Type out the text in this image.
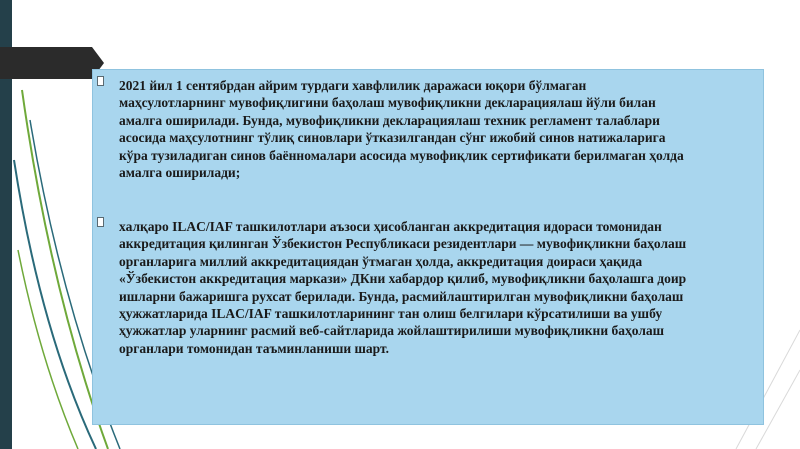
2021 йил 1 сентябрдан айрим турдаги хавфлилик даражаси юқори бўлмаган
маҳсулотларнинг мувофиқлигини баҳолаш мувофиқликни декларациялаш йўли билан
амалга оширилади. Бунда, мувофиқликни декларациялаш техник регламент талаблари
асосида маҳсулотнинг тўлиқ синовлари ўтказилгандан сўнг ижобий синов натижаларига
кўра тузиладиган синов баённомалари асосида мувофиқлик сертификати берилмаган ҳолда
амалга оширилади;

халқаро ILAC/IAF ташкилотлари аъзоси ҳисобланган аккредитация идораси томонидан
аккредитация қилинган Ўзбекистон Республикаси резидентлари — мувофиқликни баҳолаш
органларига миллий аккредитациядан ўтмаган ҳолда, аккредитация доираси ҳақида
«Ўзбекистон аккредитация маркази» ДКни хабардор қилиб, мувофиқликни баҳолашга доир
ишларни бажаришга рухсат берилади. Бунда, расмийлаштирилган мувофиқликни баҳолаш
ҳужжатларида ILAC/IAF ташкилотларининг тан олиш белгилари кўрсатилиши ва ушбу
ҳужжатлар уларнинг расмий веб-сайтларида жойлаштирилиши мувофиқликни баҳолаш
органлари томонидан таъминланиши шарт.
